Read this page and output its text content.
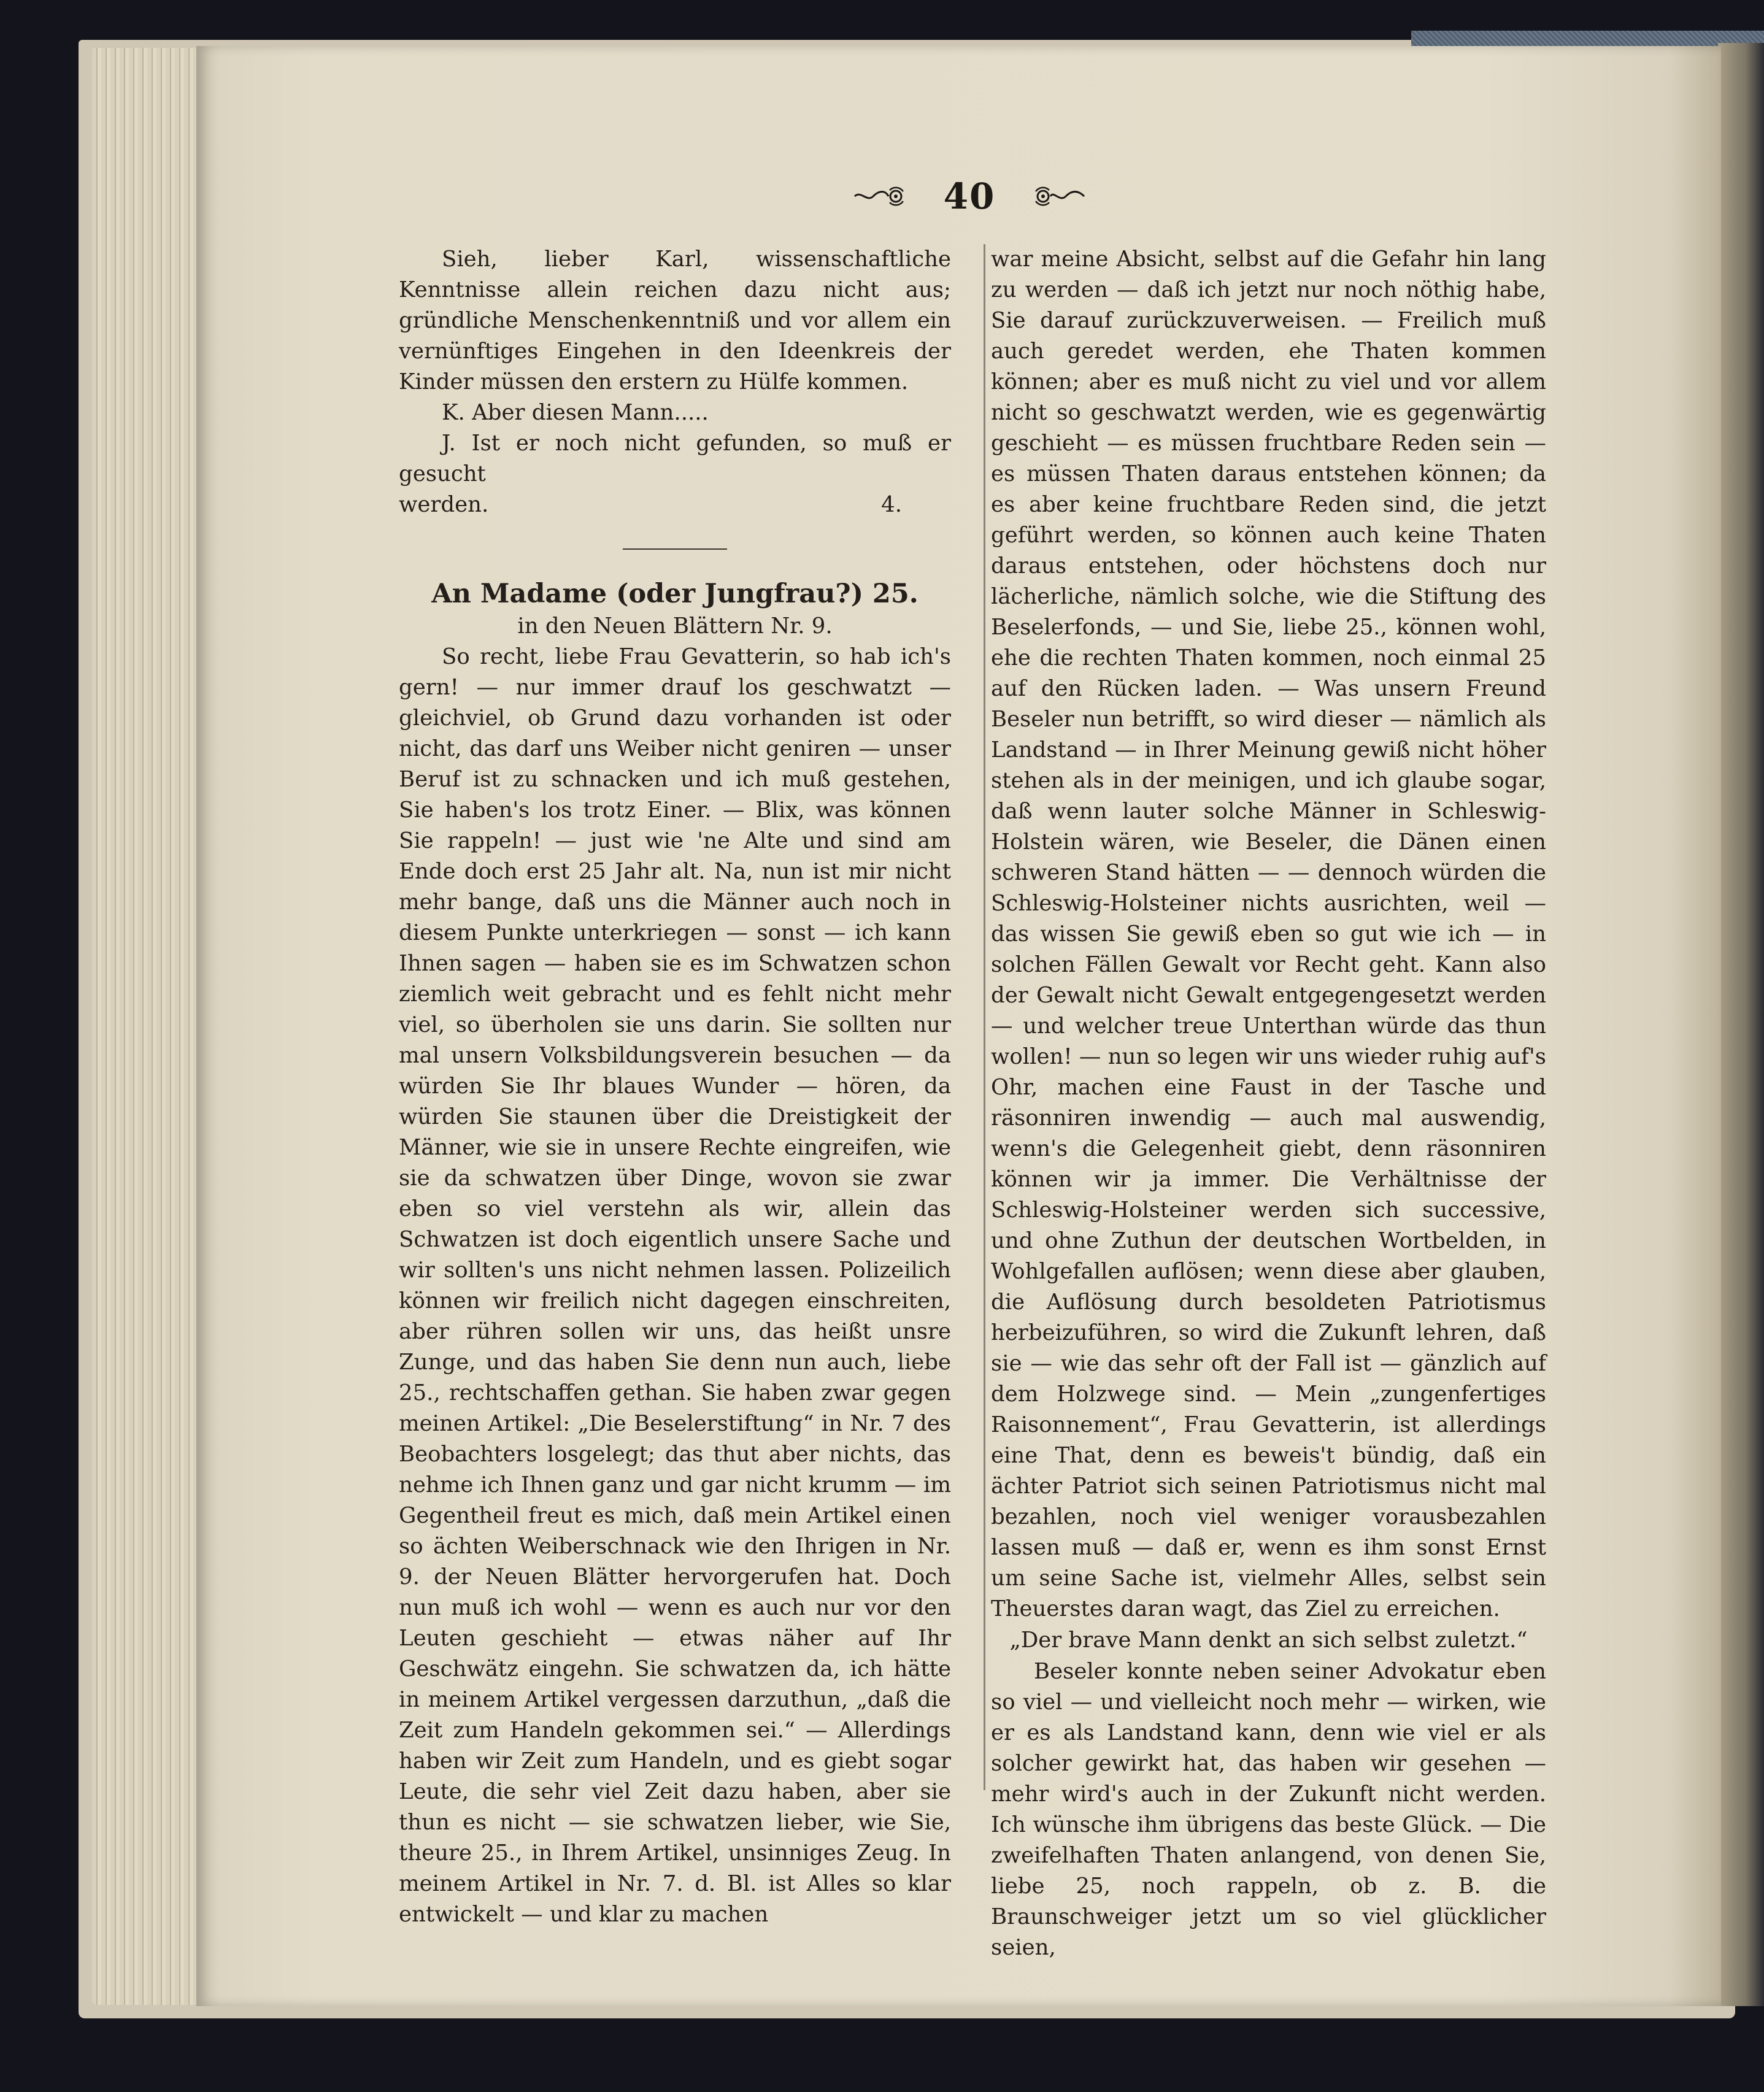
40

Sieh, lieber Karl, wissenschaftliche Kenntnisse allein reichen dazu nicht aus; gründliche Menschenkenntniß und vor allem ein vernünftiges Eingehen in den Ideenkreis der Kinder müssen den erstern zu Hülfe kommen.

K. Aber diesen Mann.....

J. Ist er noch nicht gefunden, so muß er gesucht

werden.	4.

An Madame (oder Jungfrau?) 25.

in den Neuen Blättern Nr. 9.

So recht, liebe Frau Gevatterin, so hab ich's gern! — nur immer drauf los geschwatzt — gleichviel, ob Grund dazu vorhanden ist oder nicht, das darf uns Weiber nicht geniren — unser Beruf ist zu schnacken und ich muß gestehen, Sie haben's los trotz Einer. — Blix, was können Sie rappeln! — just wie 'ne Alte und sind am Ende doch erst 25 Jahr alt. Na, nun ist mir nicht mehr bange, daß uns die Männer auch noch in diesem Punkte unterkriegen — sonst — ich kann Ihnen sagen — haben sie es im Schwatzen schon ziemlich weit gebracht und es fehlt nicht mehr viel, so überholen sie uns darin. Sie sollten nur mal unsern Volksbildungsverein besuchen — da würden Sie Ihr blaues Wunder — hören, da würden Sie staunen über die Dreistigkeit der Männer, wie sie in unsere Rechte eingreifen, wie sie da schwatzen über Dinge, wovon sie zwar eben so viel verstehn als wir, allein das Schwatzen ist doch eigentlich unsere Sache und wir sollten's uns nicht nehmen lassen. Polizeilich können wir freilich nicht dagegen einschreiten, aber rühren sollen wir uns, das heißt unsre Zunge, und das haben Sie denn nun auch, liebe 25., rechtschaffen gethan. Sie haben zwar gegen meinen Artikel: „Die Beselerstiftung“ in Nr. 7 des Beobachters losgelegt; das thut aber nichts, das nehme ich Ihnen ganz und gar nicht krumm — im Gegentheil freut es mich, daß mein Artikel einen so ächten Weiberschnack wie den Ihrigen in Nr. 9. der Neuen Blätter hervorgerufen hat. Doch nun muß ich wohl — wenn es auch nur vor den Leuten geschieht — etwas näher auf Ihr Geschwätz eingehn. Sie schwatzen da, ich hätte in meinem Artikel vergessen darzuthun, „daß die Zeit zum Handeln gekommen sei.“ — Allerdings haben wir Zeit zum Handeln, und es giebt sogar Leute, die sehr viel Zeit dazu haben, aber sie thun es nicht — sie schwatzen lieber, wie Sie, theure 25., in Ihrem Artikel, unsinniges Zeug. In meinem Artikel in Nr. 7. d. Bl. ist Alles so klar entwickelt — und klar zu machen

war meine Absicht, selbst auf die Gefahr hin lang zu werden — daß ich jetzt nur noch nöthig habe, Sie darauf zurückzuverweisen. — Freilich muß auch geredet werden, ehe Thaten kommen können; aber es muß nicht zu viel und vor allem nicht so geschwatzt werden, wie es gegenwärtig geschieht — es müssen fruchtbare Reden sein — es müssen Thaten daraus entstehen können; da es aber keine fruchtbare Reden sind, die jetzt geführt werden, so können auch keine Thaten daraus entstehen, oder höchstens doch nur lächerliche, nämlich solche, wie die Stiftung des Beselerfonds, — und Sie, liebe 25., können wohl, ehe die rechten Thaten kommen, noch einmal 25 auf den Rücken laden. — Was unsern Freund Beseler nun betrifft, so wird dieser — nämlich als Landstand — in Ihrer Meinung gewiß nicht höher stehen als in der meinigen, und ich glaube sogar, daß wenn lauter solche Männer in Schleswig-Holstein wären, wie Beseler, die Dänen einen schweren Stand hätten — — dennoch würden die Schleswig-Holsteiner nichts ausrichten, weil — das wissen Sie gewiß eben so gut wie ich — in solchen Fällen Gewalt vor Recht geht. Kann also der Gewalt nicht Gewalt entgegengesetzt werden — und welcher treue Unterthan würde das thun wollen! — nun so legen wir uns wieder ruhig auf's Ohr, machen eine Faust in der Tasche und räsonniren inwendig — auch mal auswendig, wenn's die Gelegenheit giebt, denn räsonniren können wir ja immer. Die Verhältnisse der Schleswig-Holsteiner werden sich successive, und ohne Zuthun der deutschen Wortbelden, in Wohlgefallen auflösen; wenn diese aber glauben, die Auflösung durch besoldeten Patriotismus herbeizuführen, so wird die Zukunft lehren, daß sie — wie das sehr oft der Fall ist — gänzlich auf dem Holzwege sind. — Mein „zungenfertiges Raisonnement“, Frau Gevatterin, ist allerdings eine That, denn es beweis't bündig, daß ein ächter Patriot sich seinen Patriotismus nicht mal bezahlen, noch viel weniger vorausbezahlen lassen muß — daß er, wenn es ihm sonst Ernst um seine Sache ist, vielmehr Alles, selbst sein Theuerstes daran wagt, das Ziel zu erreichen.

„Der brave Mann denkt an sich selbst zuletzt.“

Beseler konnte neben seiner Advokatur eben so viel — und vielleicht noch mehr — wirken, wie er es als Landstand kann, denn wie viel er als solcher gewirkt hat, das haben wir gesehen — mehr wird's auch in der Zukunft nicht werden. Ich wünsche ihm übrigens das beste Glück. — Die zweifelhaften Thaten anlangend, von denen Sie, liebe 25, noch rappeln, ob z. B. die Braunschweiger jetzt um so viel glücklicher seien,
